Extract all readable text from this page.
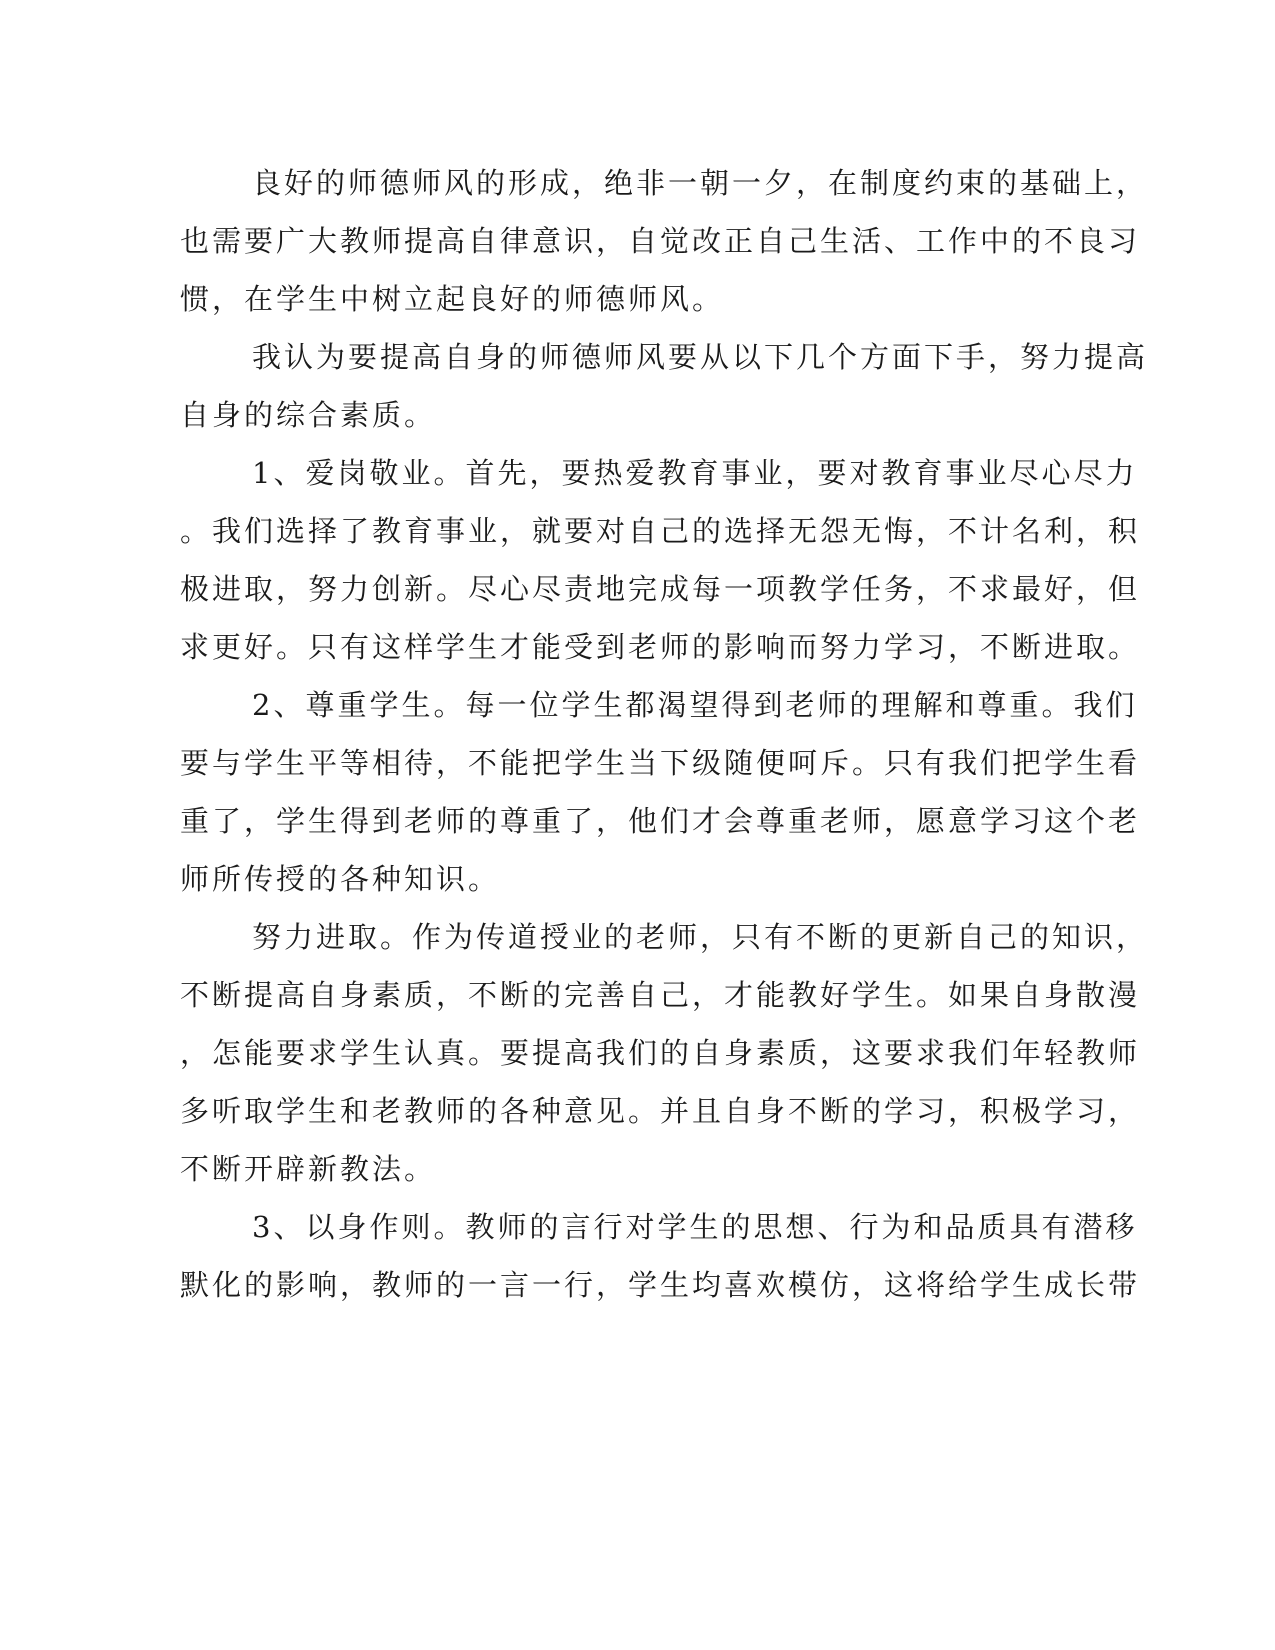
良好的师德师风的形成，绝非一朝一夕，在制度约束的基础上，
也需要广大教师提高自律意识，自觉改正自己生活、工作中的不良习
惯，在学生中树立起良好的师德师风。
我认为要提高自身的师德师风要从以下几个方面下手，努力提高
自身的综合素质。
1、爱岗敬业。首先，要热爱教育事业，要对教育事业尽心尽力
。我们选择了教育事业，就要对自己的选择无怨无悔，不计名利，积
极进取，努力创新。尽心尽责地完成每一项教学任务，不求最好，但
求更好。只有这样学生才能受到老师的影响而努力学习，不断进取。
2、尊重学生。每一位学生都渴望得到老师的理解和尊重。我们
要与学生平等相待，不能把学生当下级随便呵斥。只有我们把学生看
重了，学生得到老师的尊重了，他们才会尊重老师，愿意学习这个老
师所传授的各种知识。
努力进取。作为传道授业的老师，只有不断的更新自己的知识，
不断提高自身素质，不断的完善自己，才能教好学生。如果自身散漫
，怎能要求学生认真。要提高我们的自身素质，这要求我们年轻教师
多听取学生和老教师的各种意见。并且自身不断的学习，积极学习，
不断开辟新教法。
3、以身作则。教师的言行对学生的思想、行为和品质具有潜移
默化的影响，教师的一言一行，学生均喜欢模仿，这将给学生成长带
